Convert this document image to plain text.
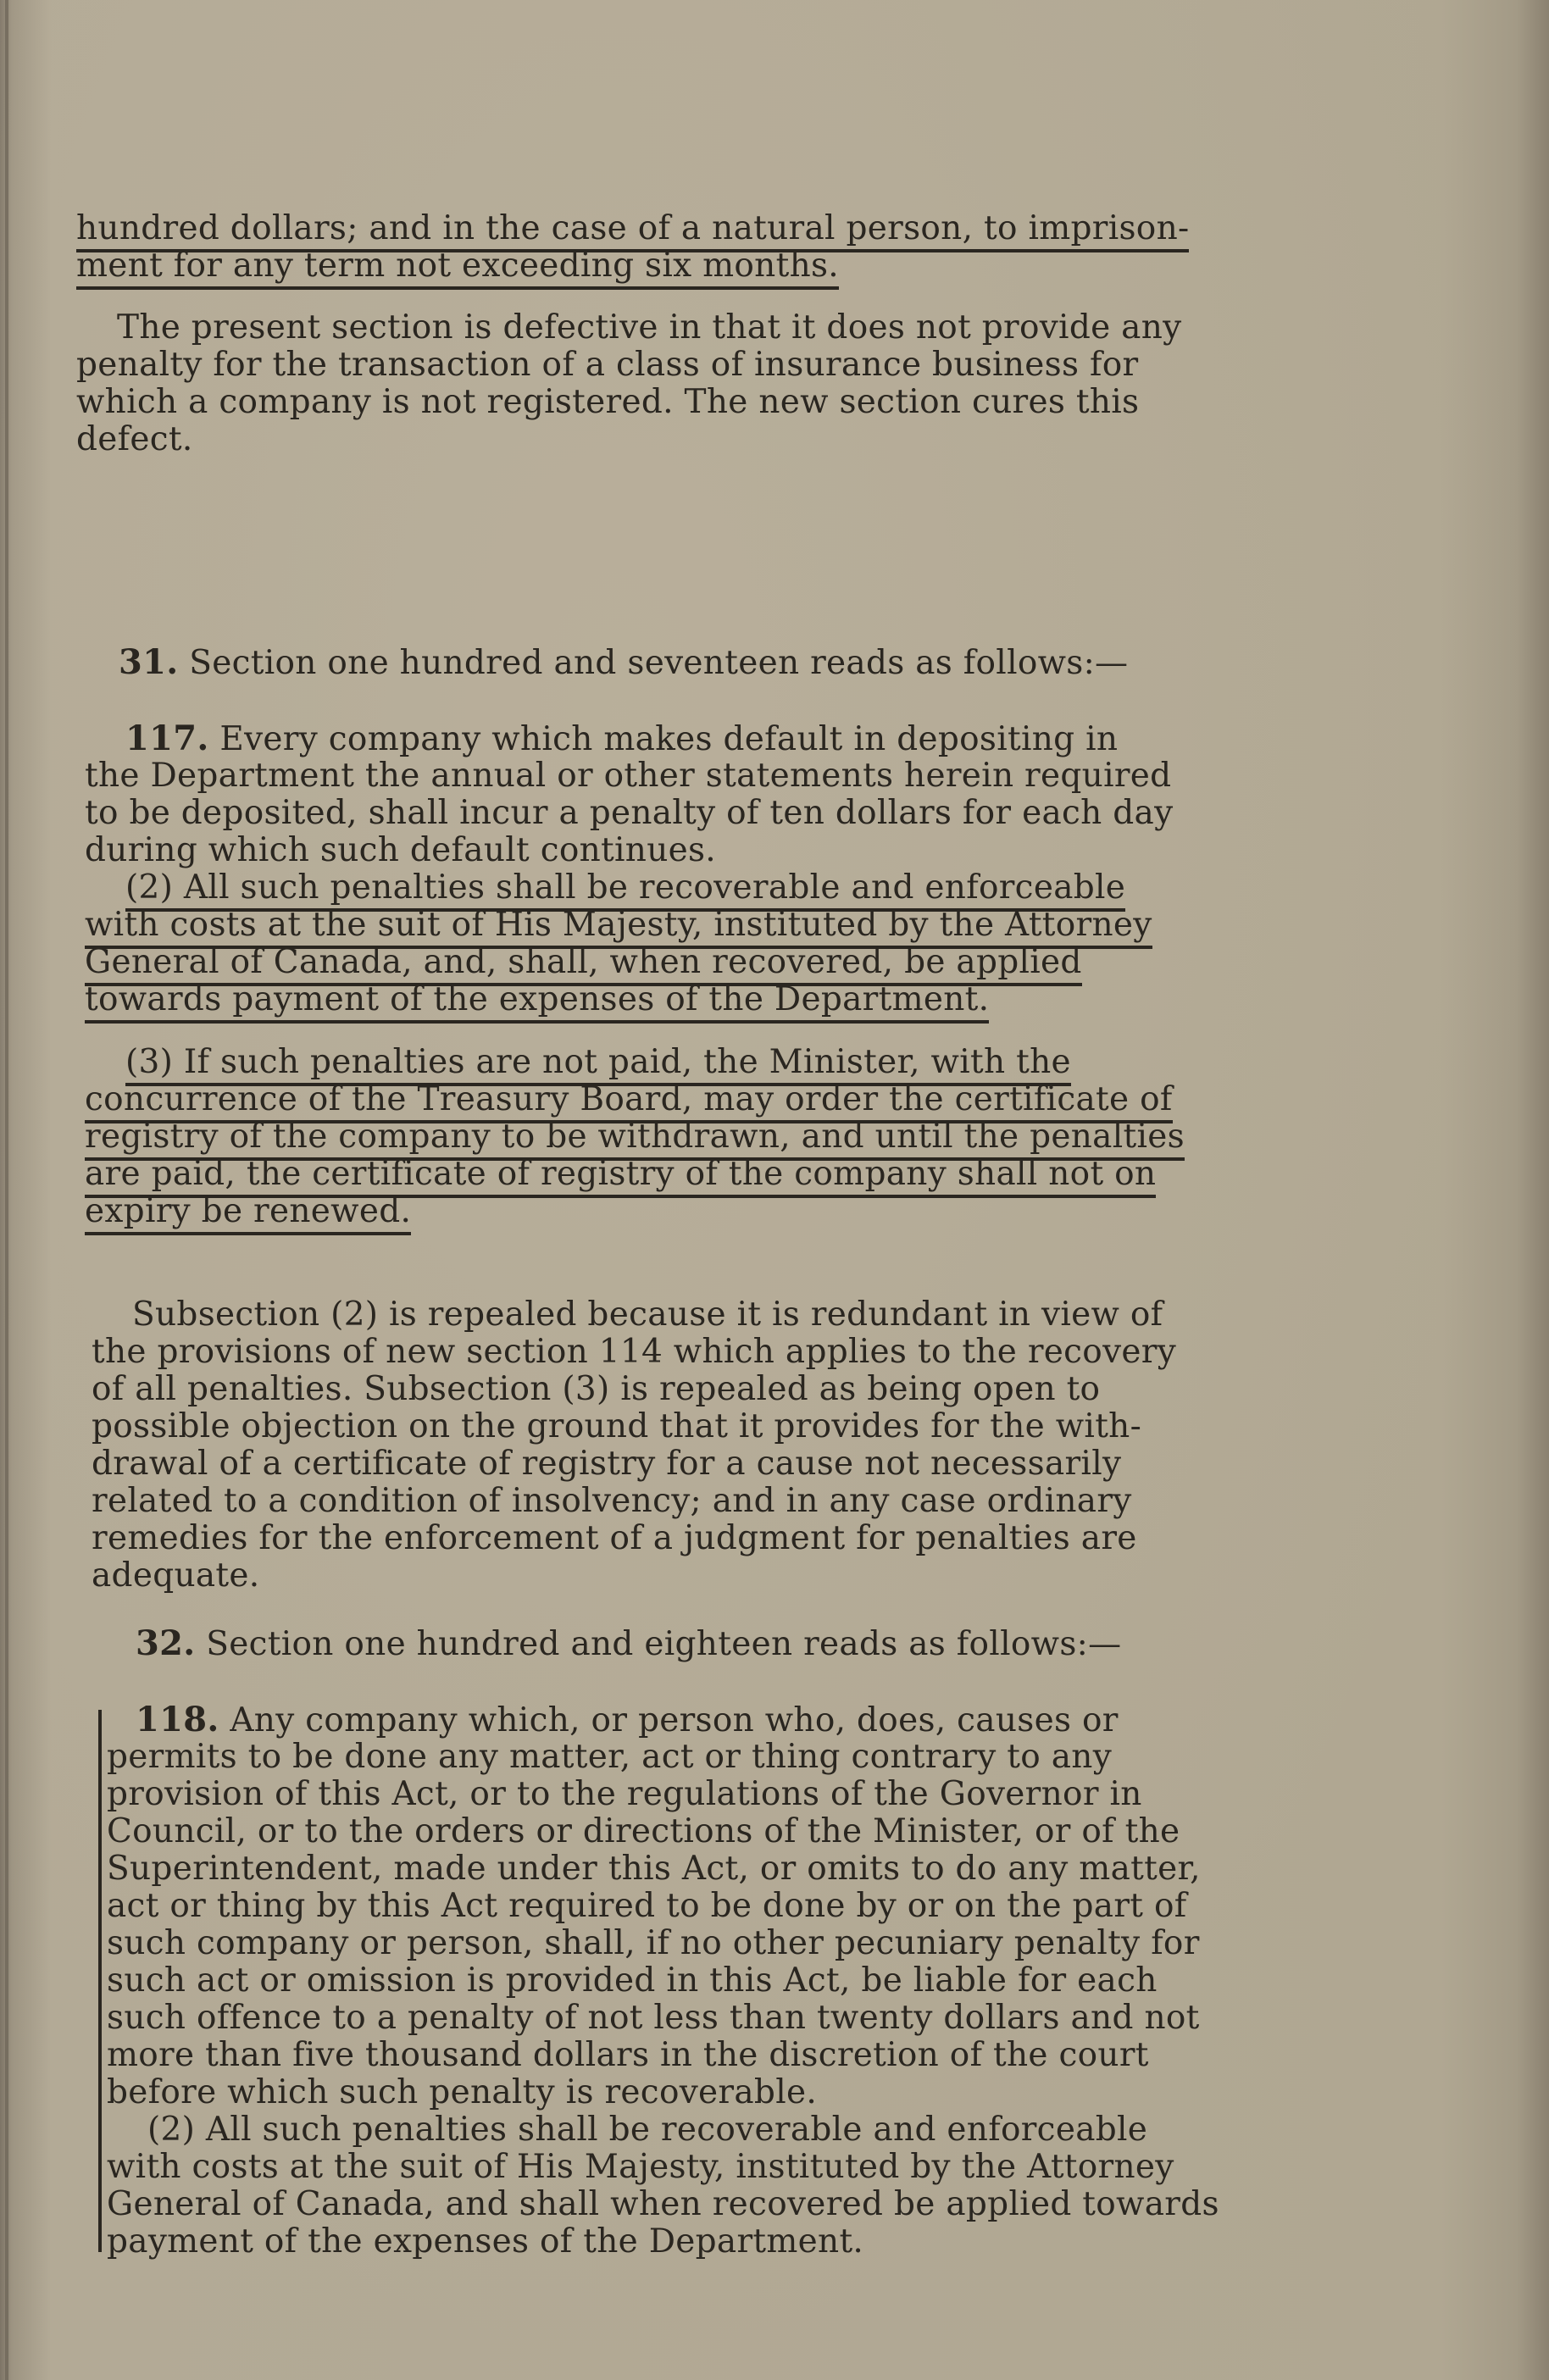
hundred dollars; and in the case of a natural person, to imprison-
ment for any term not exceeding six months.
The present section is defective in that it does not provide any
penalty for the transaction of a class of insurance business for
which a company is not registered. The new section cures this
defect.
31. Section one hundred and seventeen reads as follows:—
117. Every company which makes default in depositing in
the Department the annual or other statements herein required
to be deposited, shall incur a penalty of ten dollars for each day
during which such default continues.
(2) All such penalties shall be recoverable and enforceable
with costs at the suit of His Majesty, instituted by the Attorney
General of Canada, and, shall, when recovered, be applied
towards payment of the expenses of the Department.
(3) If such penalties are not paid, the Minister, with the
concurrence of the Treasury Board, may order the certificate of
registry of the company to be withdrawn, and until the penalties
are paid, the certificate of registry of the company shall not on
expiry be renewed.
Subsection (2) is repealed because it is redundant in view of
the provisions of new section 114 which applies to the recovery
of all penalties. Subsection (3) is repealed as being open to
possible objection on the ground that it provides for the with-
drawal of a certificate of registry for a cause not necessarily
related to a condition of insolvency; and in any case ordinary
remedies for the enforcement of a judgment for penalties are
adequate.
32. Section one hundred and eighteen reads as follows:—
118. Any company which, or person who, does, causes or
permits to be done any matter, act or thing contrary to any
provision of this Act, or to the regulations of the Governor in
Council, or to the orders or directions of the Minister, or of the
Superintendent, made under this Act, or omits to do any matter,
act or thing by this Act required to be done by or on the part of
such company or person, shall, if no other pecuniary penalty for
such act or omission is provided in this Act, be liable for each
such offence to a penalty of not less than twenty dollars and not
more than five thousand dollars in the discretion of the court
before which such penalty is recoverable.
(2) All such penalties shall be recoverable and enforceable
with costs at the suit of His Majesty, instituted by the Attorney
General of Canada, and shall when recovered be applied towards
payment of the expenses of the Department.
